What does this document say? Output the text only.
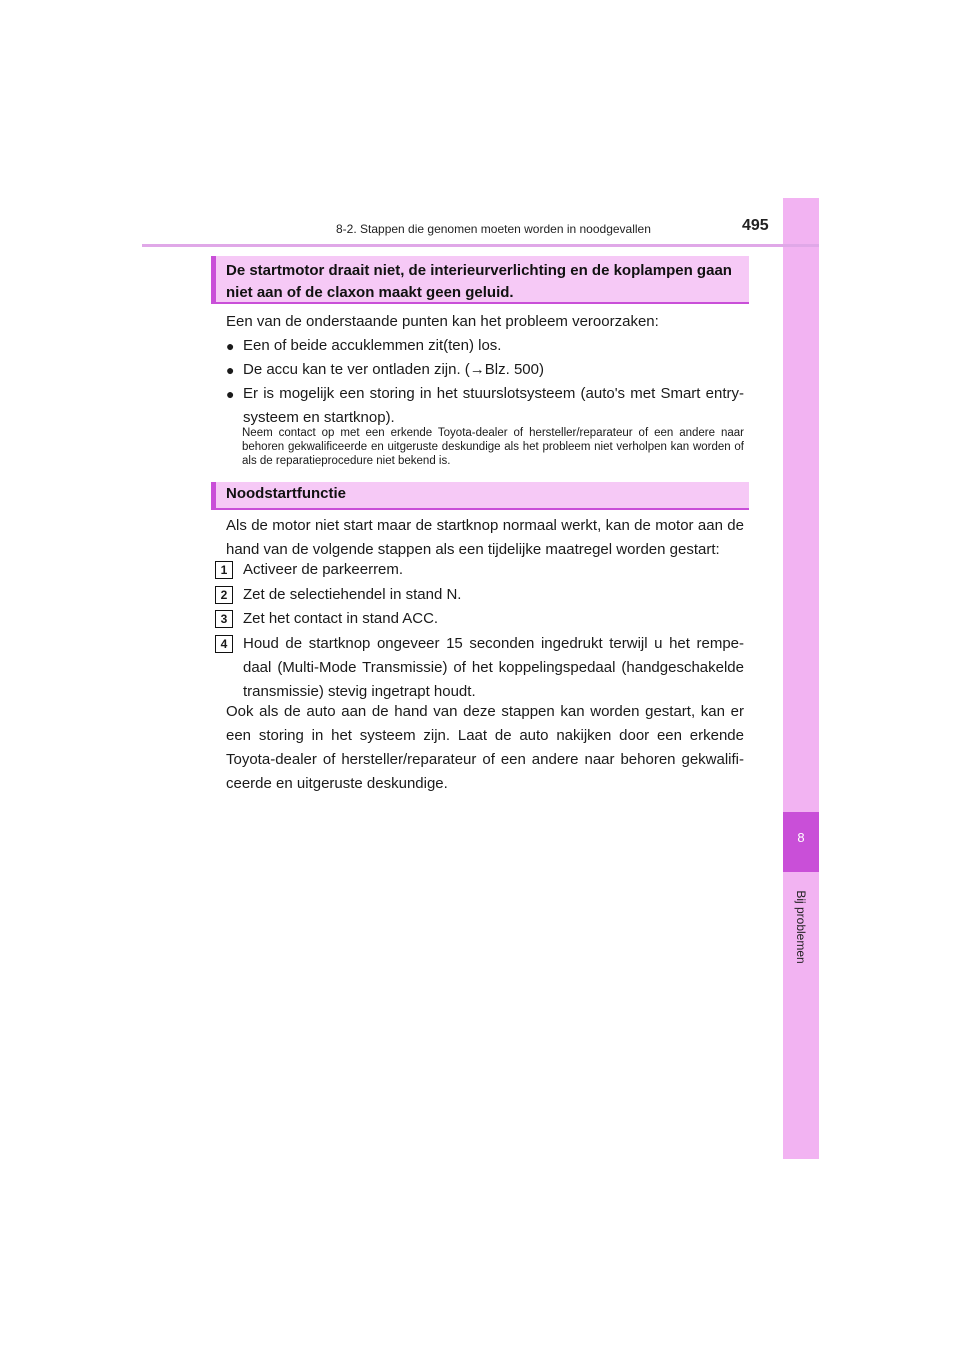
8
Bij problemen
8-2. Stappen die genomen moeten worden in noodgevallen	495
De startmotor draait niet, de interieurverlichting en de koplampen gaan niet aan of de claxon maakt geen geluid.
Een van de onderstaande punten kan het probleem veroorzaken:
● Een of beide accuklemmen zit(ten) los.
● De accu kan te ver ontladen zijn. (→Blz. 500)
● Er is mogelijk een storing in het stuurslotsysteem (auto's met Smart entry-systeem en startknop).
Neem contact op met een erkende Toyota-dealer of hersteller/reparateur of een andere naar behoren gekwalificeerde en uitgeruste deskundige als het probleem niet verholpen kan worden of als de reparatieprocedure niet bekend is.
Noodstartfunctie
Als de motor niet start maar de startknop normaal werkt, kan de motor aan de hand van de volgende stappen als een tijdelijke maatregel worden gestart:
1	Activeer de parkeerrem.
2	Zet de selectiehendel in stand N.
3	Zet het contact in stand ACC.
4	Houd de startknop ongeveer 15 seconden ingedrukt terwijl u het rempe-daal (Multi-Mode Transmissie) of het koppelingspedaal (handgeschakelde transmissie) stevig ingetrapt houdt.
Ook als de auto aan de hand van deze stappen kan worden gestart, kan er een storing in het systeem zijn. Laat de auto nakijken door een erkende Toyota-dealer of hersteller/reparateur of een andere naar behoren gekwalifi-ceerde en uitgeruste deskundige.
